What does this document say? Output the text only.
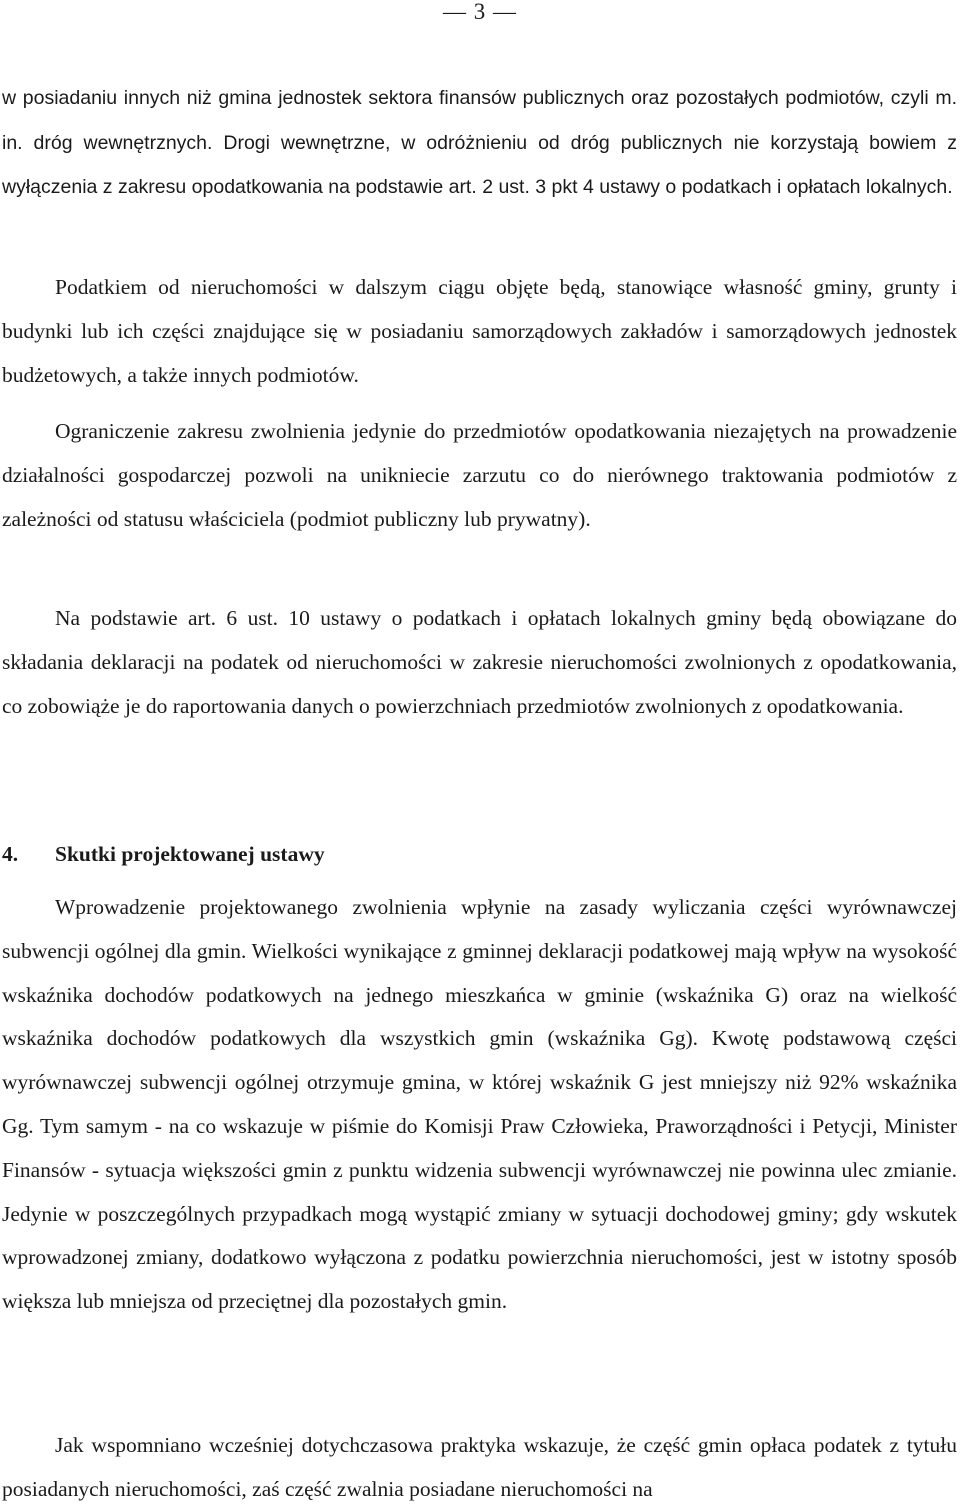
— 3 —

w posiadaniu innych niż gmina jednostek sektora finansów publicznych oraz pozostałych podmiotów, czyli m. in. dróg wewnętrznych. Drogi wewnętrzne, w odróżnieniu od dróg publicznych nie korzystają bowiem z wyłączenia z zakresu opodatkowania na podstawie art. 2 ust. 3 pkt 4 ustawy o podatkach i opłatach lokalnych.

Podatkiem od nieruchomości w dalszym ciągu objęte będą, stanowiące własność gminy, grunty i budynki lub ich części znajdujące się w posiadaniu samorządowych zakładów i samorządowych jednostek budżetowych, a także innych podmiotów.

Ograniczenie zakresu zwolnienia jedynie do przedmiotów opodatkowania niezajętych na prowadzenie działalności gospodarczej pozwoli na unikniecie zarzutu co do nierównego traktowania podmiotów z zależności od statusu właściciela (podmiot publiczny lub prywatny).

Na podstawie art. 6 ust. 10 ustawy o podatkach i opłatach lokalnych gminy będą obowiązane do składania deklaracji na podatek od nieruchomości w zakresie nieruchomości zwolnionych z opodatkowania, co zobowiąże je do raportowania danych o powierzchniach przedmiotów zwolnionych z opodatkowania.

4. Skutki projektowanej ustawy

Wprowadzenie projektowanego zwolnienia wpłynie na zasady wyliczania części wyrównawczej subwencji ogólnej dla gmin. Wielkości wynikające z gminnej deklaracji podatkowej mają wpływ na wysokość wskaźnika dochodów podatkowych na jednego mieszkańca w gminie (wskaźnika G) oraz na wielkość wskaźnika dochodów podatkowych dla wszystkich gmin (wskaźnika Gg). Kwotę podstawową części wyrównawczej subwencji ogólnej otrzymuje gmina, w której wskaźnik G jest mniejszy niż 92% wskaźnika Gg. Tym samym - na co wskazuje w piśmie do Komisji Praw Człowieka, Praworządności i Petycji, Minister Finansów - sytuacja większości gmin z punktu widzenia subwencji wyrównawczej nie powinna ulec zmianie. Jedynie w poszczególnych przypadkach mogą wystąpić zmiany w sytuacji dochodowej gminy; gdy wskutek wprowadzonej zmiany, dodatkowo wyłączona z podatku powierzchnia nieruchomości, jest w istotny sposób większa lub mniejsza od przeciętnej dla pozostałych gmin.

Jak wspomniano wcześniej dotychczasowa praktyka wskazuje, że część gmin opłaca podatek z tytułu posiadanych nieruchomości, zaś część zwalnia posiadane nieruchomości na
